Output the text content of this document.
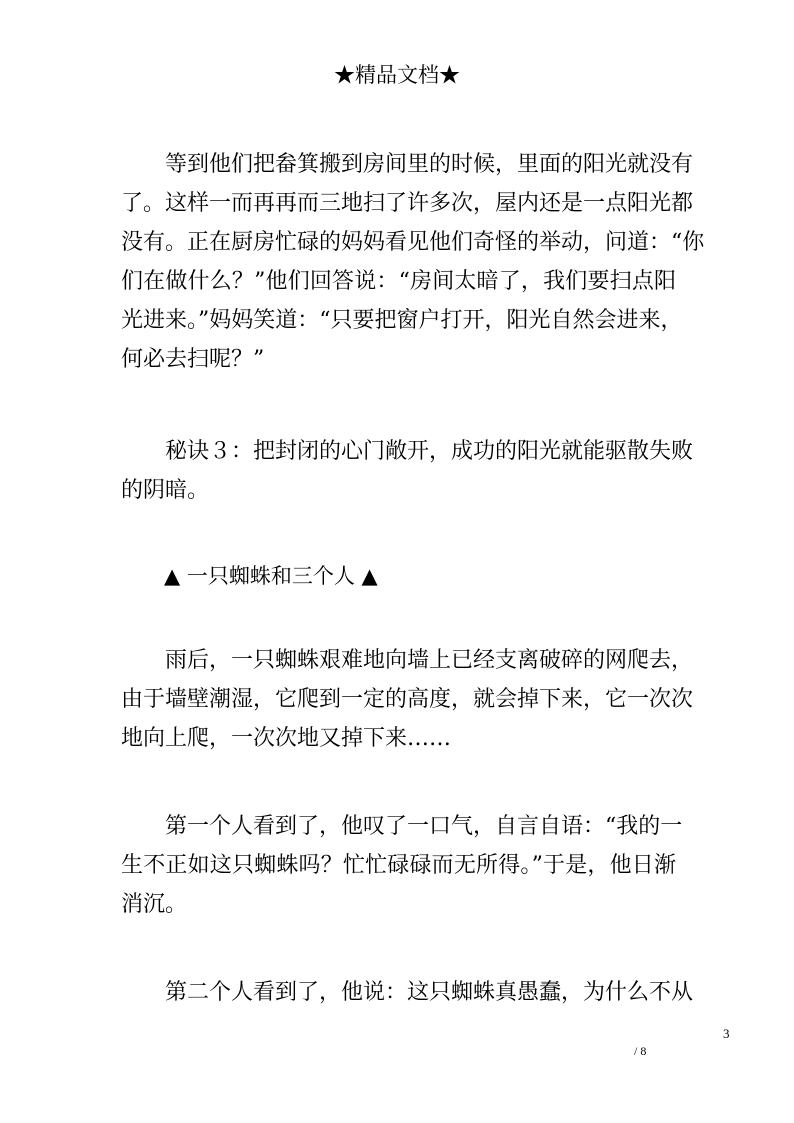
★精品文档★
等到他们把畚箕搬到房间里的时候，里面的阳光就没有
了。这样一而再再而三地扫了许多次，屋内还是一点阳光都
没有。正在厨房忙碌的妈妈看见他们奇怪的举动，问道：“你
们在做什么？”他们回答说：“房间太暗了，我们要扫点阳
光进来。”妈妈笑道：“只要把窗户打开，阳光自然会进来，
何必去扫呢？”
秘诀３：把封闭的心门敞开，成功的阳光就能驱散失败
的阴暗。
▲ 一只蜘蛛和三个人 ▲
雨后，一只蜘蛛艰难地向墙上已经支离破碎的网爬去，
由于墙壁潮湿，它爬到一定的高度，就会掉下来，它一次次
地向上爬，一次次地又掉下来……
第一个人看到了，他叹了一口气，自言自语：“我的一
生不正如这只蜘蛛吗？忙忙碌碌而无所得。”于是，他日渐
消沉。
第二个人看到了，他说：这只蜘蛛真愚蠢，为什么不从
3
/ 8
